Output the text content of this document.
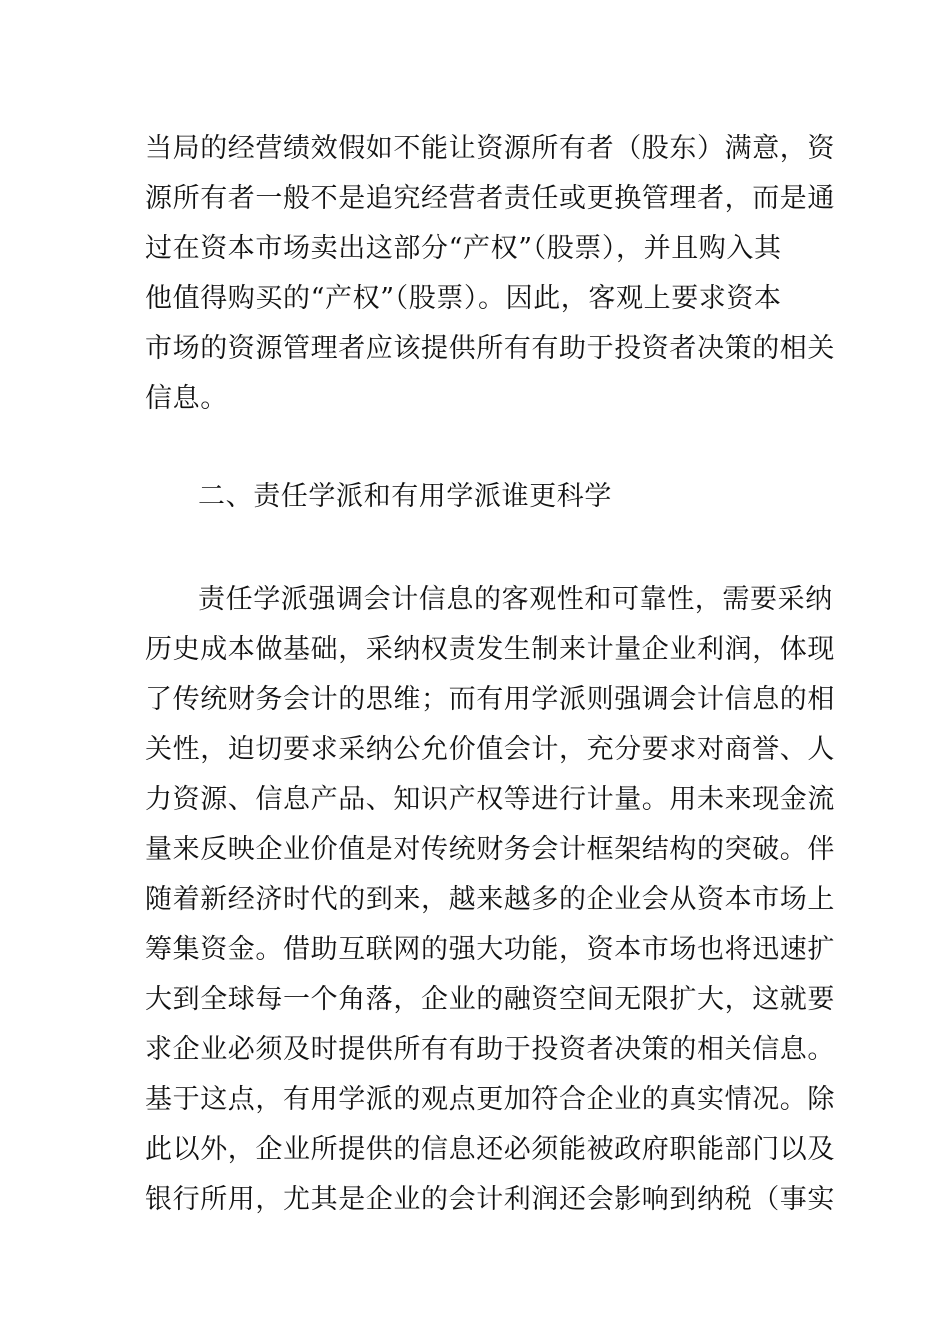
当局的经营绩效假如不能让资源所有者（股东）满意，资
源所有者一般不是追究经营者责任或更换管理者，而是通
过在资本市场卖出这部分“产权”（股票），并且购入其
他值得购买的“产权”（股票）。因此，客观上要求资本
市场的资源管理者应该提供所有有助于投资者决策的相关
信息。
二、责任学派和有用学派谁更科学
责任学派强调会计信息的客观性和可靠性，需要采纳
历史成本做基础，采纳权责发生制来计量企业利润，体现
了传统财务会计的思维；而有用学派则强调会计信息的相
关性，迫切要求采纳公允价值会计，充分要求对商誉、人
力资源、信息产品、知识产权等进行计量。用未来现金流
量来反映企业价值是对传统财务会计框架结构的突破。伴
随着新经济时代的到来，越来越多的企业会从资本市场上
筹集资金。借助互联网的强大功能，资本市场也将迅速扩
大到全球每一个角落，企业的融资空间无限扩大，这就要
求企业必须及时提供所有有助于投资者决策的相关信息。
基于这点，有用学派的观点更加符合企业的真实情况。除
此以外，企业所提供的信息还必须能被政府职能部门以及
银行所用，尤其是企业的会计利润还会影响到纳税（事实
